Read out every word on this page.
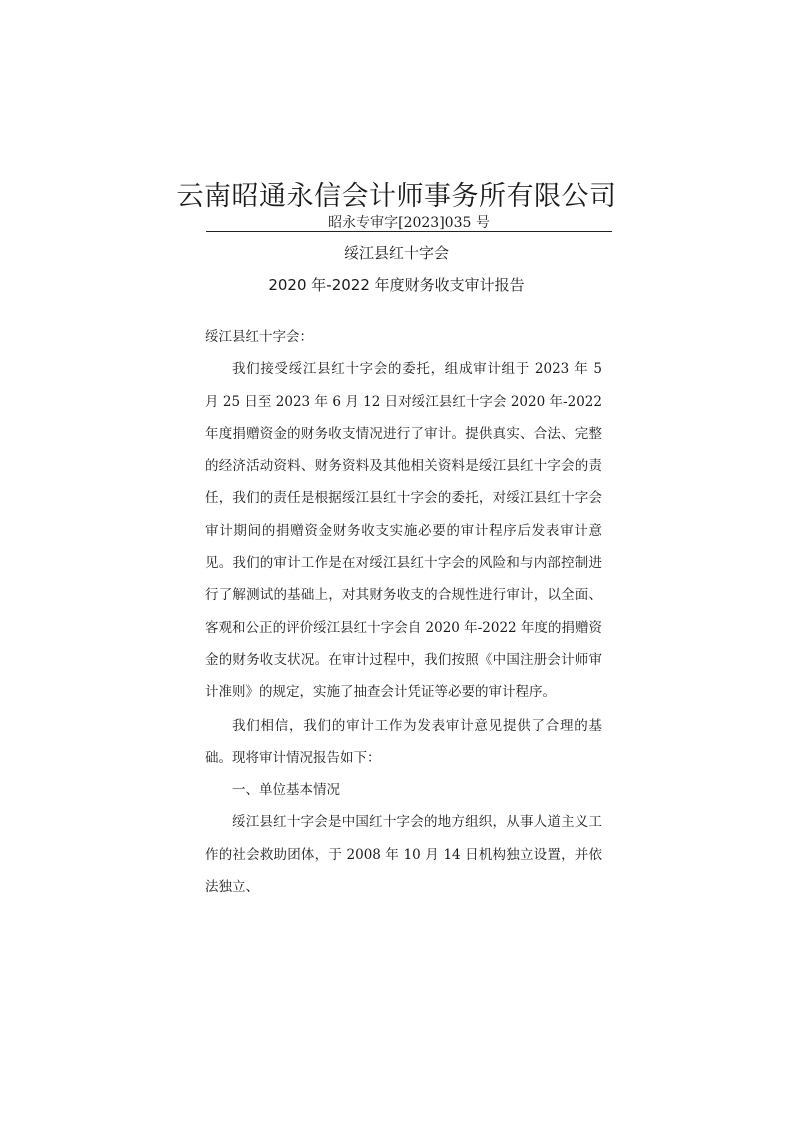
云南昭通永信会计师事务所有限公司
昭永专审字[2023]035 号
绥江县红十字会
2020 年-2022 年度财务收支审计报告

绥江县红十字会：

我们接受绥江县红十字会的委托，组成审计组于 2023 年 5 月 25 日至 2023 年 6 月 12 日对绥江县红十字会 2020 年-2022 年度捐赠资金的财务收支情况进行了审计。提供真实、合法、完整的经济活动资料、财务资料及其他相关资料是绥江县红十字会的责任，我们的责任是根据绥江县红十字会的委托，对绥江县红十字会审计期间的捐赠资金财务收支实施必要的审计程序后发表审计意见。我们的审计工作是在对绥江县红十字会的风险和与内部控制进行了解测试的基础上，对其财务收支的合规性进行审计，以全面、客观和公正的评价绥江县红十字会自 2020 年-2022 年度的捐赠资金的财务收支状况。在审计过程中，我们按照《中国注册会计师审计准则》的规定，实施了抽查会计凭证等必要的审计程序。

我们相信，我们的审计工作为发表审计意见提供了合理的基础。现将审计情况报告如下：

一、单位基本情况

绥江县红十字会是中国红十字会的地方组织，从事人道主义工作的社会救助团体，于 2008 年 10 月 14 日机构独立设置，并依法独立、
